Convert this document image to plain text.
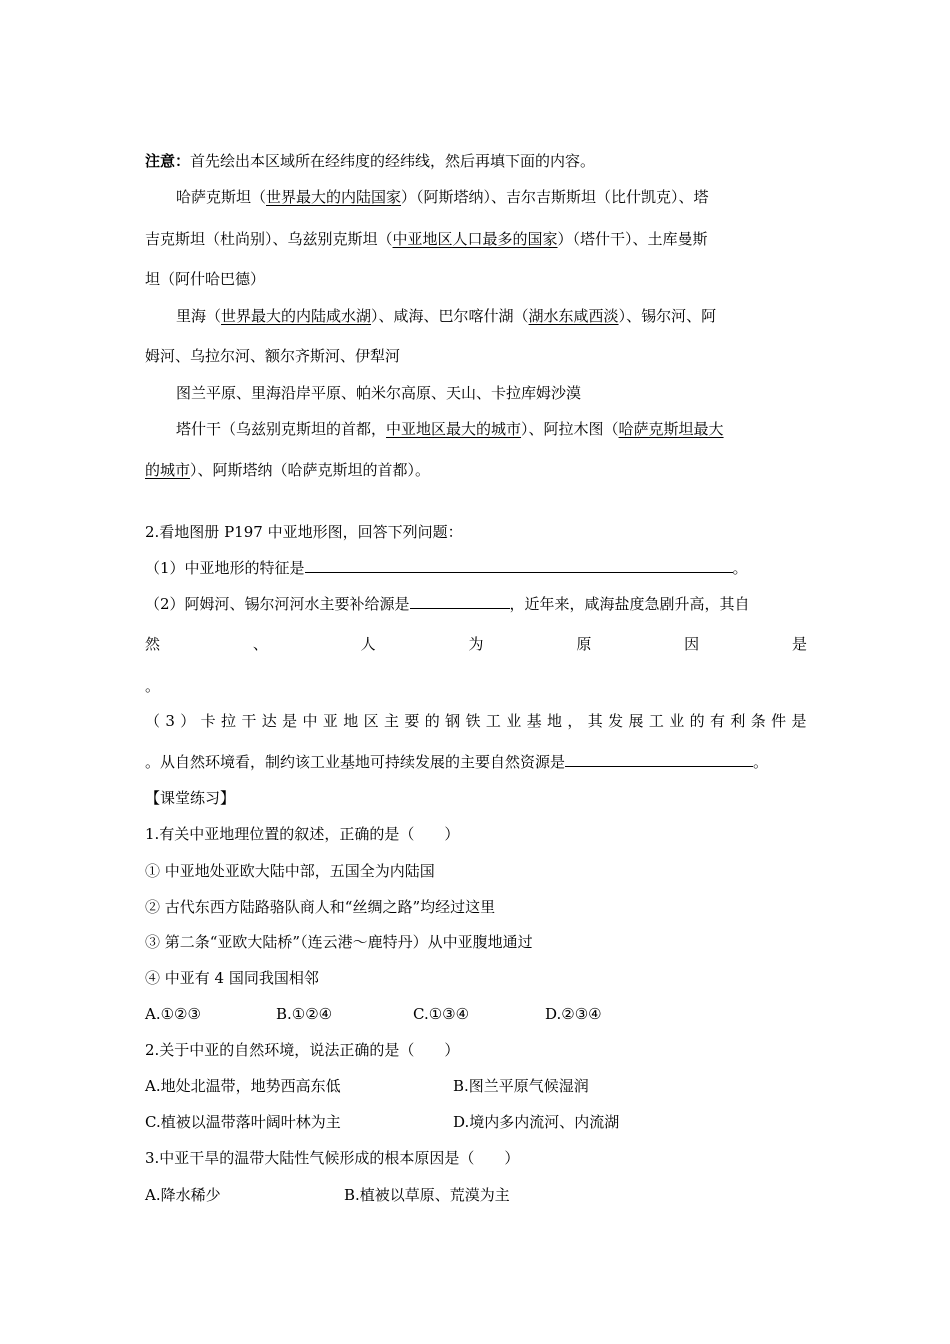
注意：首先绘出本区域所在经纬度的经纬线，然后再填下面的内容。
哈萨克斯坦（世界最大的内陆国家）（阿斯塔纳）、吉尔吉斯斯坦（比什凯克）、塔
吉克斯坦（杜尚别）、乌兹别克斯坦（中亚地区人口最多的国家）（塔什干）、土库曼斯
坦（阿什哈巴德）
里海（世界最大的内陆咸水湖）、咸海、巴尔喀什湖（湖水东咸西淡）、锡尔河、阿
姆河、乌拉尔河、额尔齐斯河、伊犁河
图兰平原、里海沿岸平原、帕米尔高原、天山、卡拉库姆沙漠
塔什干（乌兹别克斯坦的首都，中亚地区最大的城市）、阿拉木图（哈萨克斯坦最大
的城市）、阿斯塔纳（哈萨克斯坦的首都）。
2.看地图册 P197 中亚地形图，回答下列问题：
（1）中亚地形的特征是	。
（2）阿姆河、锡尔河河水主要补给源是	，近年来，咸海盐度急剧升高，其自
然	、	人	为	原	因	是
。
（ 3 ） 卡 拉 干 达 是 中 亚 地 区 主 要 的 钢 铁 工 业 基 地 ， 其 发 展 工 业 的 有 利 条 件 是
。从自然环境看，制约该工业基地可持续发展的主要自然资源是	。
【课堂练习】
1.有关中亚地理位置的叙述，正确的是（　　）
① 中亚地处亚欧大陆中部，五国全为内陆国
② 古代东西方陆路骆队商人和“丝绸之路”均经过这里
③ 第二条“亚欧大陆桥”（连云港～鹿特丹）从中亚腹地通过
④ 中亚有 4 国同我国相邻
A.①②③	B.①②④	C.①③④	D.②③④
2.关于中亚的自然环境，说法正确的是（　　）
A.地处北温带，地势西高东低	B.图兰平原气候湿润
C.植被以温带落叶阔叶林为主	D.境内多内流河、内流湖
3.中亚干旱的温带大陆性气候形成的根本原因是（　　）
A.降水稀少	B.植被以草原、荒漠为主
